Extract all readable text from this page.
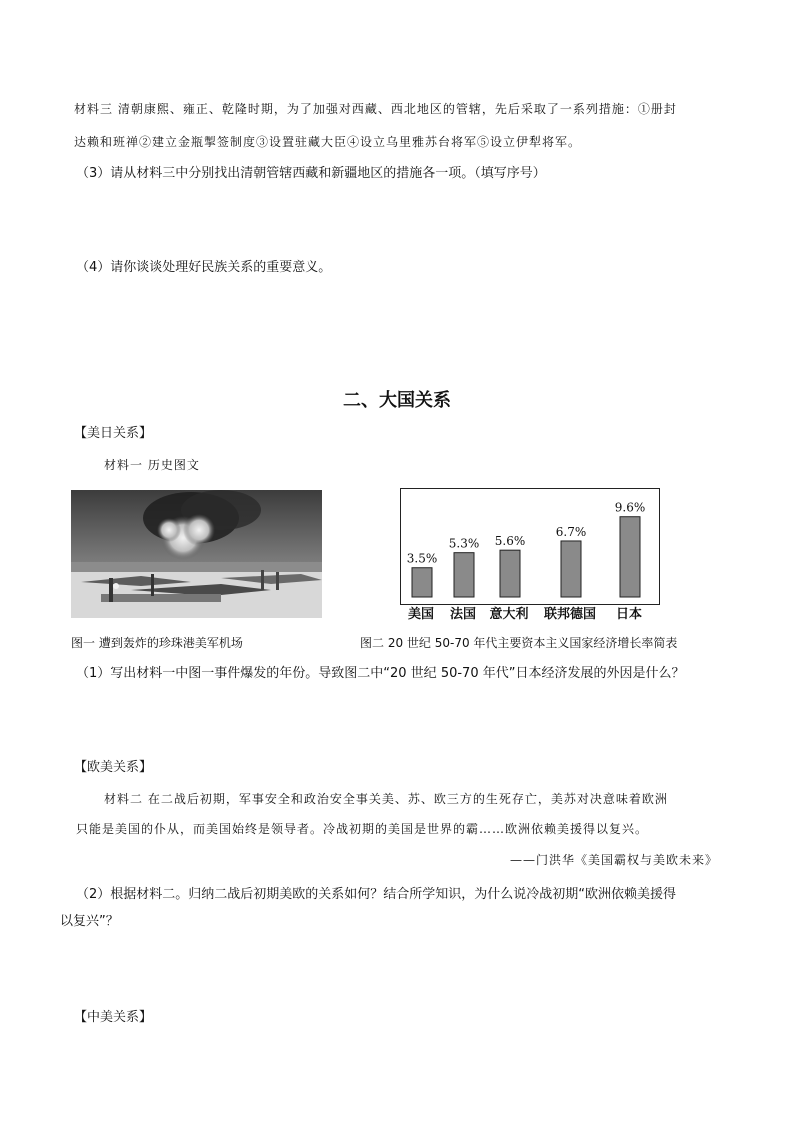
材料三 清朝康熙、雍正、乾隆时期，为了加强对西藏、西北地区的管辖，先后采取了一系列措施：①册封
达赖和班禅②建立金瓶掣签制度③设置驻藏大臣④设立乌里雅苏台将军⑤设立伊犁将军。
（3）请从材料三中分别找出清朝管辖西藏和新疆地区的措施各一项。（填写序号）
（4）请你谈谈处理好民族关系的重要意义。
二、大国关系
【美日关系】
材料一 历史图文
3.5%
5.3% 5.6%
6.7%
9.6%
美国 法国 意大利 联邦德国 日本
图一 遭到轰炸的珍珠港美军机场	图二 20 世纪 50-70 年代主要资本主义国家经济增长率简表
（1）写出材料一中图一事件爆发的年份。导致图二中“20 世纪 50-70 年代”日本经济发展的外因是什么？
【欧美关系】
材料二 在二战后初期，军事安全和政治安全事关美、苏、欧三方的生死存亡，美苏对决意味着欧洲
只能是美国的仆从，而美国始终是领导者。冷战初期的美国是世界的霸……欧洲依赖美援得以复兴。
——门洪华《美国霸权与美欧未来》
（2）根据材料二。归纳二战后初期美欧的关系如何？结合所学知识，为什么说冷战初期“欧洲依赖美援得
以复兴”？
【中美关系】
